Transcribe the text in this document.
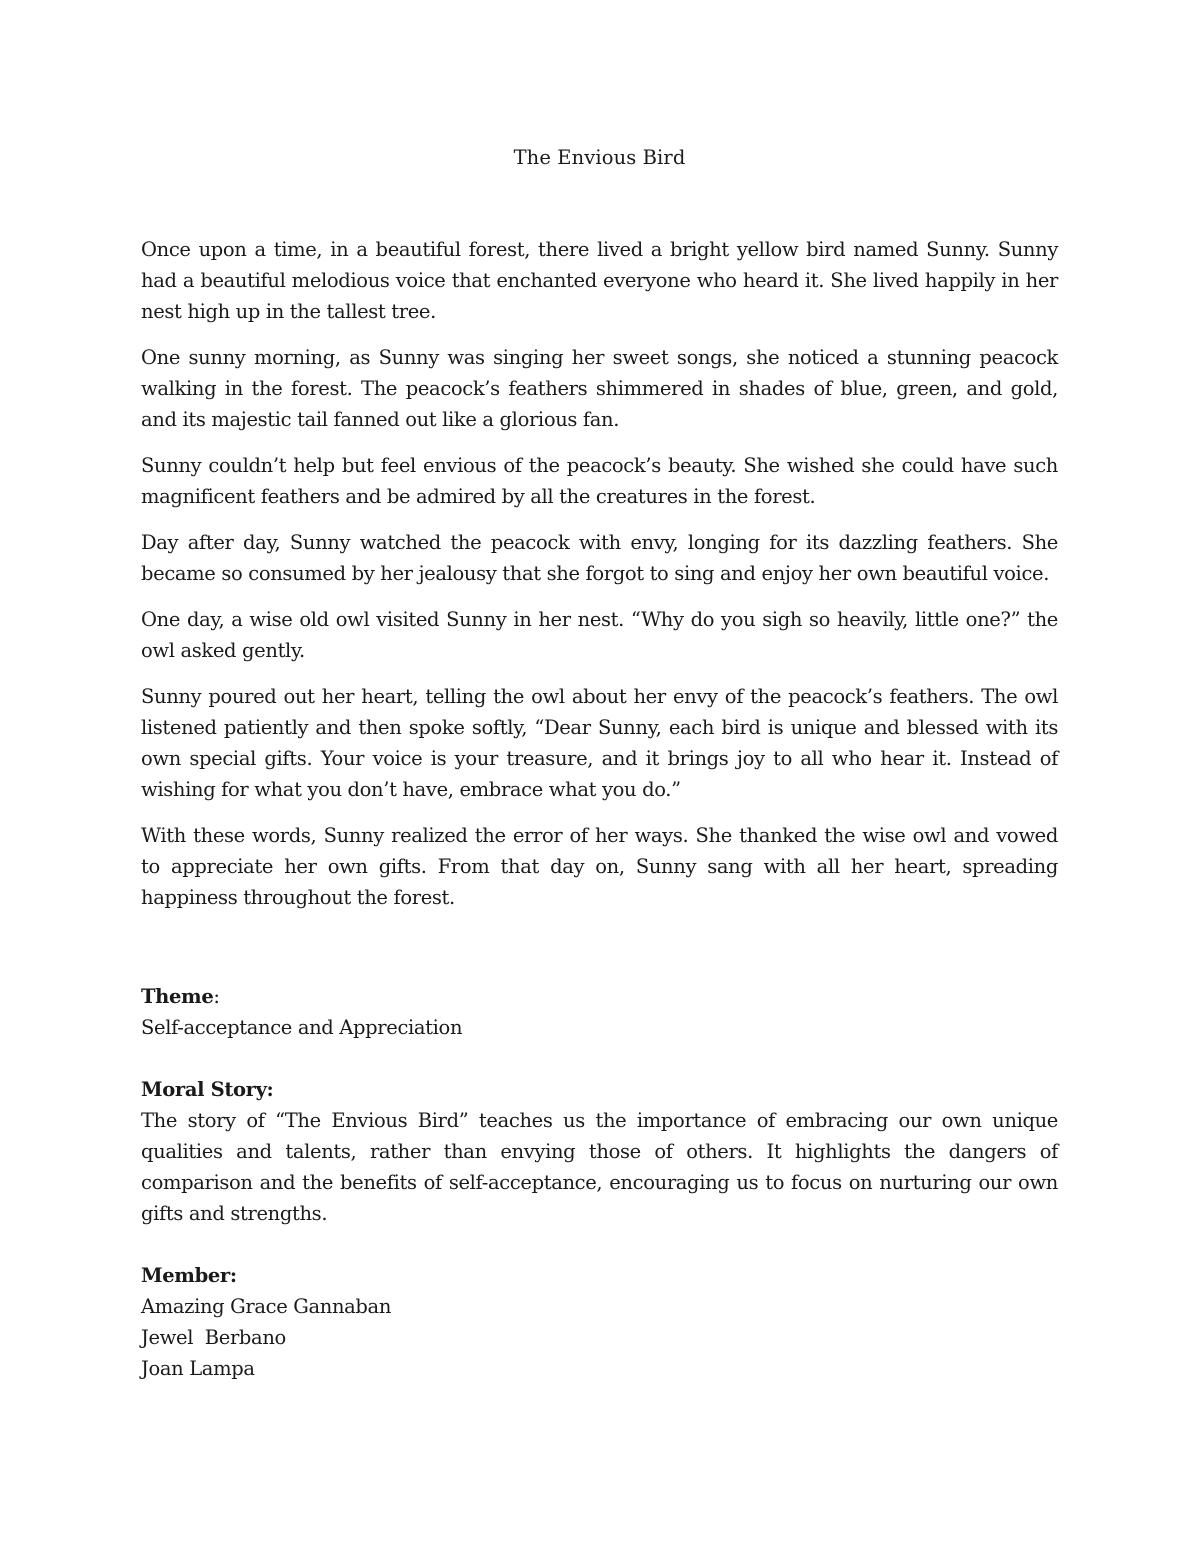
The Envious Bird

Once upon a time, in a beautiful forest, there lived a bright yellow bird named Sunny. Sunny had a beautiful melodious voice that enchanted everyone who heard it. She lived happily in her nest high up in the tallest tree.

One sunny morning, as Sunny was singing her sweet songs, she noticed a stunning peacock walking in the forest. The peacock’s feathers shimmered in shades of blue, green, and gold, and its majestic tail fanned out like a glorious fan.

Sunny couldn’t help but feel envious of the peacock’s beauty. She wished she could have such magnificent feathers and be admired by all the creatures in the forest.

Day after day, Sunny watched the peacock with envy, longing for its dazzling feathers. She became so consumed by her jealousy that she forgot to sing and enjoy her own beautiful voice.

One day, a wise old owl visited Sunny in her nest. “Why do you sigh so heavily, little one?” the owl asked gently.

Sunny poured out her heart, telling the owl about her envy of the peacock’s feathers. The owl listened patiently and then spoke softly, “Dear Sunny, each bird is unique and blessed with its own special gifts. Your voice is your treasure, and it brings joy to all who hear it. Instead of wishing for what you don’t have, embrace what you do.”

With these words, Sunny realized the error of her ways. She thanked the wise owl and vowed to appreciate her own gifts. From that day on, Sunny sang with all her heart, spreading happiness throughout the forest.

Theme:
Self-acceptance and Appreciation
Moral Story:
The story of “The Envious Bird” teaches us the importance of embracing our own unique qualities and talents, rather than envying those of others. It highlights the dangers of comparison and the benefits of self-acceptance, encouraging us to focus on nurturing our own gifts and strengths.
Member:
Amazing Grace Gannaban
Jewel  Berbano
Joan Lampa
